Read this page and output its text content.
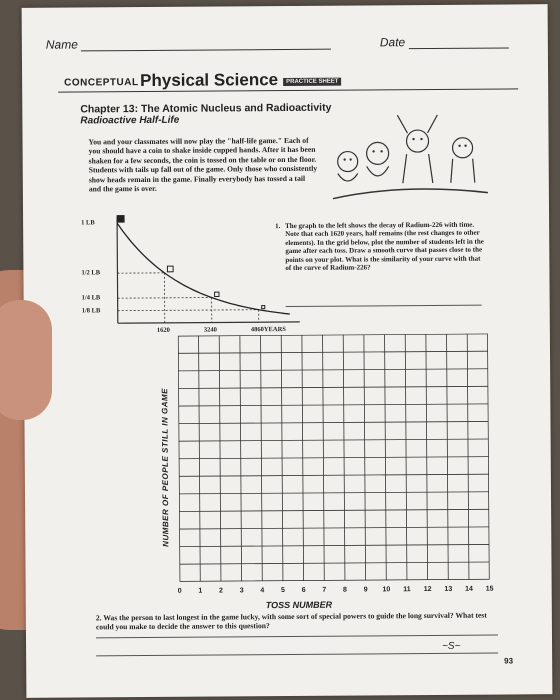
Name	Date
CONCEPTUAL Physical Science	PRACTICE SHEET
Chapter 13: The Atomic Nucleus and Radioactivity
Radioactive Half-Life
You and your classmates will now play the "half-life game." Each of you should have a coin to shake inside cupped hands. After it has been shaken for a few seconds, the coin is tossed on the table or on the floor. Students with tails up fall out of the game. Only those who consistently show heads remain in the game. Finally everybody has tossed a tail and the game is over.
1 LB
1/2 LB
1/4 LB
1/8 LB
1620	3240	4860 YEARS
1. The graph to the left shows the decay of Radium-226 with time. Note that each 1620 years, half remains (the rest changes to other elements). In the grid below, plot the number of students left in the game after each toss. Draw a smooth curve that passes close to the points on your plot. What is the similarity of your curve with that of the curve of Radium-226?
NUMBER OF PEOPLE STILL IN GAME
0 1 2 3 4 5 6 7 8 9 10 11 12 13 14 15
TOSS NUMBER
2. Was the person to last longest in the game lucky, with some sort of special powers to guide the long survival? What test could you make to decide the answer to this question?
~S~
93
